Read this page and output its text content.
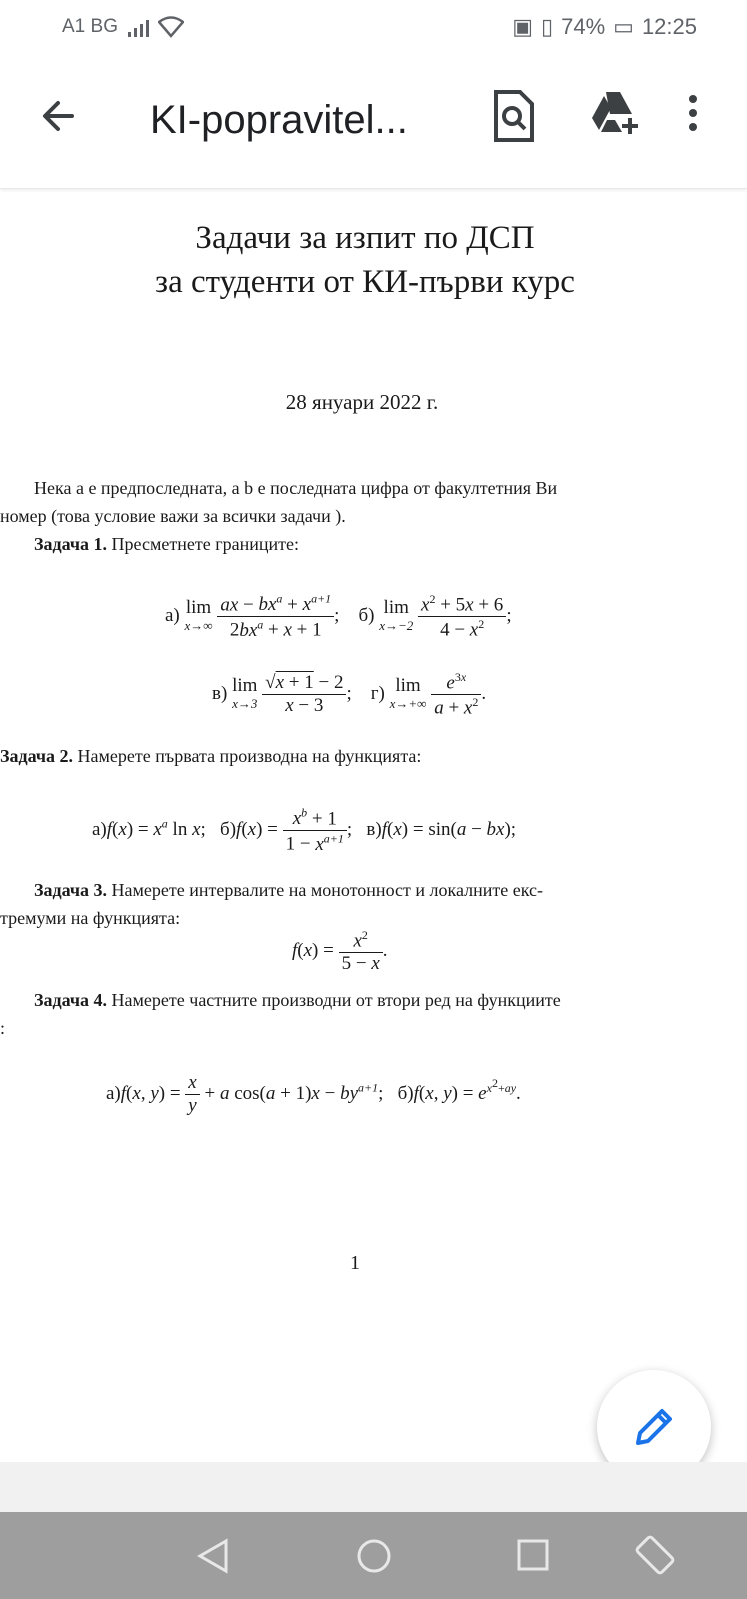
A1 BG	▣ ▯ 74% ▭ 12:25
KI-popravitel...
Задачи за изпит по ДСП
за студенти от КИ-първи курс
28 януари 2022 г.
Нека a е предпоследната, а b е последната цифра от факултетния Ви
номер (това условие важи за всички задачи ).
Задача 1. Пресметнете границите:
а) lim
x→∞
$\frac{ax - bx^a + x^{a+1}}{2bx^a + x + 1}$ ;    б) lim
x→−2
$\frac{x^2 + 5x + 6}{4 - x^2}$ ;
в) lim
x→3
$\frac{√x + 1 - 2}{x - 3}$ ;    г) lim
x→+∞
$\frac{e^{3x}}{a + x^2}$ .
Задача 2. Намерете първата производна на функцията:
$а)f(x) = x^a$ ln x;   $б)f(x) = \frac{x^b + 1}{1 - x^{a+1}}$ ;   в)f(x) = sin(a − bx);
Задача 3. Намерете интервалите на монотонност и локалните екс-
тремуми на функцията:
$f(x) = \frac{x^2}{5 - x}$ .
Задача 4. Намерете частните производни от втори ред на функциите
:
а)f(x, $y) = \frac{x}{y} + a$ $\cos(a + 1)x - by^{a+1}$;   б)f(x, $y) = e^{x^2+ay}$.
1
